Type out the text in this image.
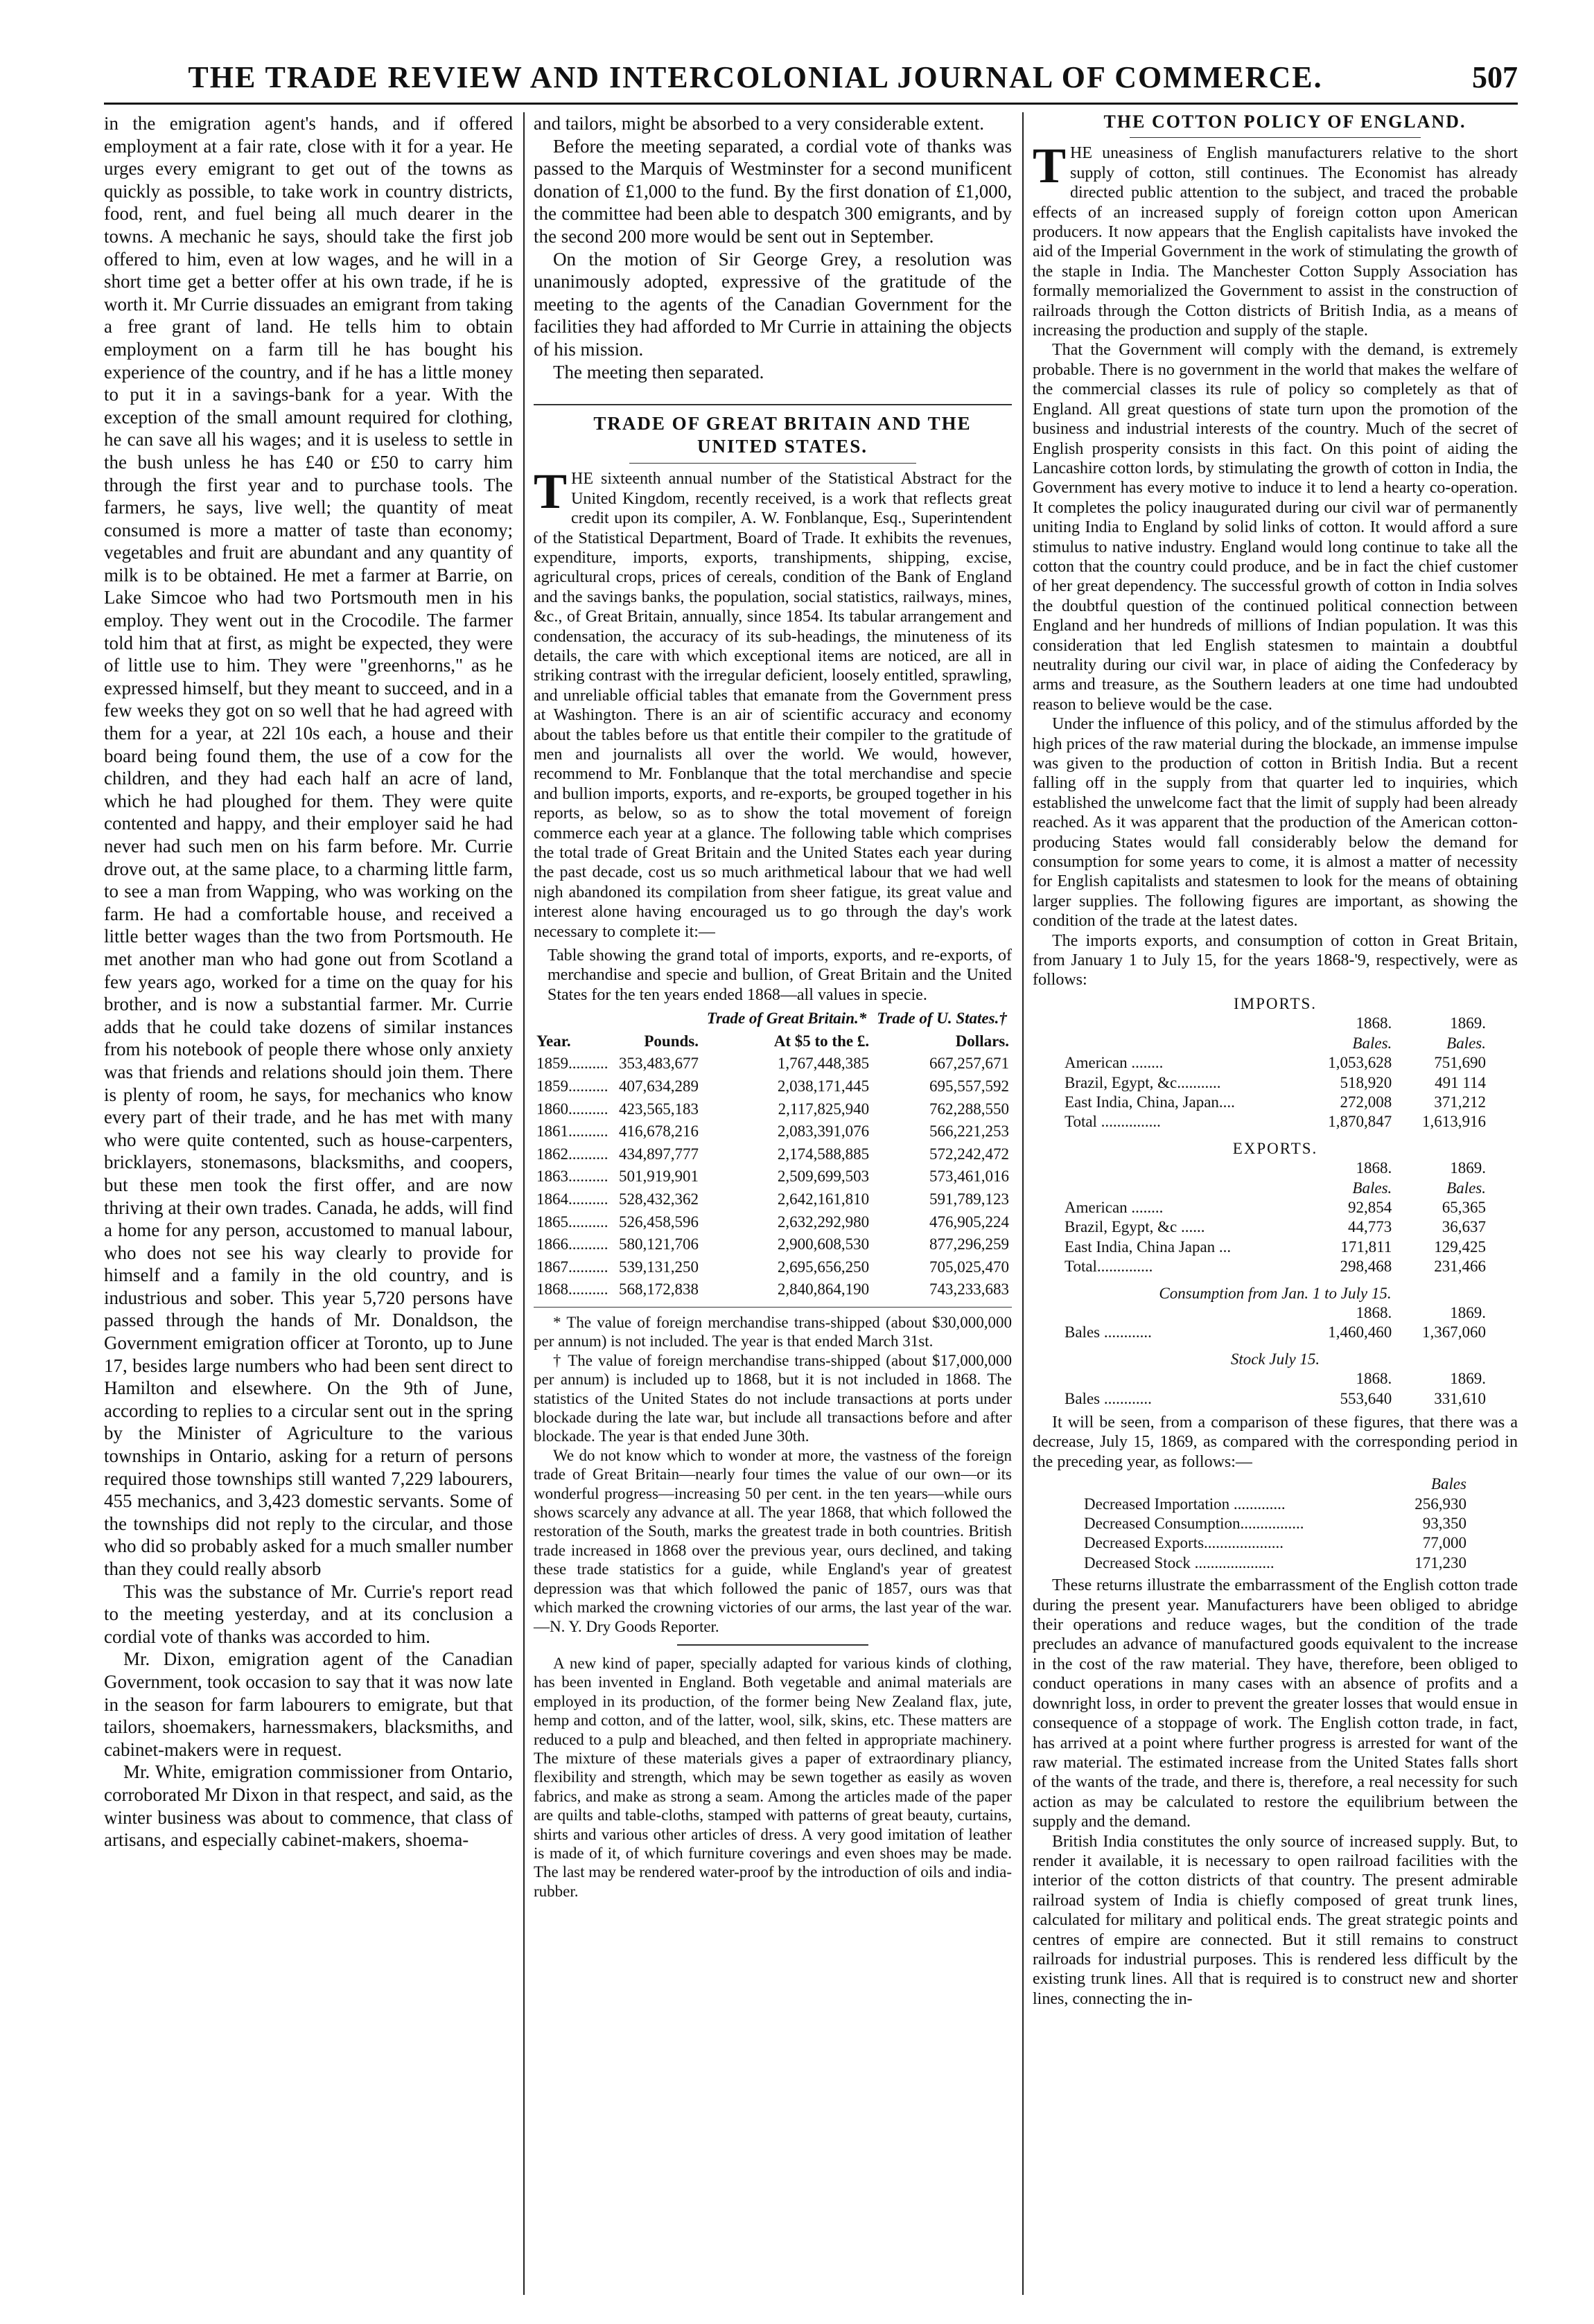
THE TRADE REVIEW AND INTERCOLONIAL JOURNAL OF COMMERCE.	507

in the emigration agent's hands, and if offered employment at a fair rate, close with it for a year. He urges every emigrant to get out of the towns as quickly as possible, to take work in country districts, food, rent, and fuel being all much dearer in the towns. A mechanic he says, should take the first job offered to him, even at low wages, and he will in a short time get a better offer at his own trade, if he is worth it. Mr Currie dissuades an emigrant from taking a free grant of land. He tells him to obtain employment on a farm till he has bought his experience of the country, and if he has a little money to put it in a savings-bank for a year. With the exception of the small amount required for clothing, he can save all his wages; and it is useless to settle in the bush unless he has £40 or £50 to carry him through the first year and to purchase tools. The farmers, he says, live well; the quantity of meat consumed is more a matter of taste than economy; vegetables and fruit are abundant and any quantity of milk is to be obtained. He met a farmer at Barrie, on Lake Simcoe who had two Portsmouth men in his employ. They went out in the Crocodile. The farmer told him that at first, as might be expected, they were of little use to him. They were "greenhorns," as he expressed himself, but they meant to succeed, and in a few weeks they got on so well that he had agreed with them for a year, at 22l 10s each, a house and their board being found them, the use of a cow for the children, and they had each half an acre of land, which he had ploughed for them. They were quite contented and happy, and their employer said he had never had such men on his farm before. Mr. Currie drove out, at the same place, to a charming little farm, to see a man from Wapping, who was working on the farm. He had a comfortable house, and received a little better wages than the two from Portsmouth. He met another man who had gone out from Scotland a few years ago, worked for a time on the quay for his brother, and is now a substantial farmer. Mr. Currie adds that he could take dozens of similar instances from his notebook of people there whose only anxiety was that friends and relations should join them. There is plenty of room, he says, for mechanics who know every part of their trade, and he has met with many who were quite contented, such as house-carpenters, bricklayers, stonemasons, blacksmiths, and coopers, but these men took the first offer, and are now thriving at their own trades. Canada, he adds, will find a home for any person, accustomed to manual labour, who does not see his way clearly to provide for himself and a family in the old country, and is industrious and sober. This year 5,720 persons have passed through the hands of Mr. Donaldson, the Government emigration officer at Toronto, up to June 17, besides large numbers who had been sent direct to Hamilton and elsewhere. On the 9th of June, according to replies to a circular sent out in the spring by the Minister of Agriculture to the various townships in Ontario, asking for a return of persons required those townships still wanted 7,229 labourers, 455 mechanics, and 3,423 domestic servants. Some of the townships did not reply to the circular, and those who did so probably asked for a much smaller number than they could really absorb

This was the substance of Mr. Currie's report read to the meeting yesterday, and at its conclusion a cordial vote of thanks was accorded to him.

Mr. Dixon, emigration agent of the Canadian Government, took occasion to say that it was now late in the season for farm labourers to emigrate, but that tailors, shoemakers, harnessmakers, blacksmiths, and cabinet-makers were in request.

Mr. White, emigration commissioner from Ontario, corroborated Mr Dixon in that respect, and said, as the winter business was about to commence, that class of artisans, and especially cabinet-makers, shoema-

and tailors, might be absorbed to a very considerable extent.

Before the meeting separated, a cordial vote of thanks was passed to the Marquis of Westminster for a second munificent donation of £1,000 to the fund. By the first donation of £1,000, the committee had been able to despatch 300 emigrants, and by the second 200 more would be sent out in September.

On the motion of Sir George Grey, a resolution was unanimously adopted, expressive of the gratitude of the meeting to the agents of the Canadian Government for the facilities they had afforded to Mr Currie in attaining the objects of his mission.

The meeting then separated.

TRADE OF GREAT BRITAIN AND THE

UNITED STATES.

T HE sixteenth annual number of the Statistical Abstract for the United Kingdom, recently received, is a work that reflects great credit upon its compiler, A. W. Fonblanque, Esq., Superintendent of the Statistical Department, Board of Trade. It exhibits the revenues, expenditure, imports, exports, transhipments, shipping, excise, agricultural crops, prices of cereals, condition of the Bank of England and the savings banks, the population, social statistics, railways, mines, &c., of Great Britain, annually, since 1854. Its tabular arrangement and condensation, the accuracy of its sub-headings, the minuteness of its details, the care with which exceptional items are noticed, are all in striking contrast with the irregular deficient, loosely entitled, sprawling, and unreliable official tables that emanate from the Government press at Washington. There is an air of scientific accuracy and economy about the tables before us that entitle their compiler to the gratitude of men and journalists all over the world. We would, however, recommend to Mr. Fonblanque that the total merchandise and specie and bullion imports, exports, and re-exports, be grouped together in his reports, as below, so as to show the total movement of foreign commerce each year at a glance. The following table which comprises the total trade of Great Britain and the United States each year during the past decade, cost us so much arithmetical labour that we had well nigh abandoned its compilation from sheer fatigue, its great value and interest alone having encouraged us to go through the day's work necessary to complete it:—

Table showing the grand total of imports, exports, and re-exports, of merchandise and specie and bullion, of Great Britain and the United States for the ten years ended 1868—all values in specie.

		Trade of Great Britain.*	Trade of U. States.†
Year.	Pounds.	At $5 to the £.	Dollars.
1859..........	353,483,677	1,767,448,385	667,257,671
1859..........	407,634,289	2,038,171,445	695,557,592
1860..........	423,565,183	2,117,825,940	762,288,550
1861..........	416,678,216	2,083,391,076	566,221,253
1862..........	434,897,777	2,174,588,885	572,242,472
1863..........	501,919,901	2,509,699,503	573,461,016
1864..........	528,432,362	2,642,161,810	591,789,123
1865..........	526,458,596	2,632,292,980	476,905,224
1866..........	580,121,706	2,900,608,530	877,296,259
1867..........	539,131,250	2,695,656,250	705,025,470
1868..........	568,172,838	2,840,864,190	743,233,683

* The value of foreign merchandise trans-shipped (about $30,000,000 per annum) is not included. The year is that ended March 31st.

† The value of foreign merchandise trans-shipped (about $17,000,000 per annum) is included up to 1868, but it is not included in 1868. The statistics of the United States do not include transactions at ports under blockade during the late war, but include all transactions before and after blockade. The year is that ended June 30th.

We do not know which to wonder at more, the vastness of the foreign trade of Great Britain—nearly four times the value of our own—or its wonderful progress—increasing 50 per cent. in the ten years—while ours shows scarcely any advance at all. The year 1868, that which followed the restoration of the South, marks the greatest trade in both countries. British trade increased in 1868 over the previous year, ours declined, and taking these trade statistics for a guide, while England's year of greatest depression was that which followed the panic of 1857, ours was that which marked the crowning victories of our arms, the last year of the war.—N. Y. Dry Goods Reporter.

A new kind of paper, specially adapted for various kinds of clothing, has been invented in England. Both vegetable and animal materials are employed in its production, of the former being New Zealand flax, jute, hemp and cotton, and of the latter, wool, silk, skins, etc. These matters are reduced to a pulp and bleached, and then felted in appropriate machinery. The mixture of these materials gives a paper of extraordinary pliancy, flexibility and strength, which may be sewn together as easily as woven fabrics, and make as strong a seam. Among the articles made of the paper are quilts and table-cloths, stamped with patterns of great beauty, curtains, shirts and various other articles of dress. A very good imitation of leather is made of it, of which furniture coverings and even shoes may be made. The last may be rendered water-proof by the introduction of oils and india-rubber.

THE COTTON POLICY OF ENGLAND.

T HE uneasiness of English manufacturers relative to the short supply of cotton, still continues. The Economist has already directed public attention to the subject, and traced the probable effects of an increased supply of foreign cotton upon American producers. It now appears that the English capitalists have invoked the aid of the Imperial Government in the work of stimulating the growth of the staple in India. The Manchester Cotton Supply Association has formally memorialized the Government to assist in the construction of railroads through the Cotton districts of British India, as a means of increasing the production and supply of the staple.

That the Government will comply with the demand, is extremely probable. There is no government in the world that makes the welfare of the commercial classes its rule of policy so completely as that of England. All great questions of state turn upon the promotion of the business and industrial interests of the country. Much of the secret of English prosperity consists in this fact. On this point of aiding the Lancashire cotton lords, by stimulating the growth of cotton in India, the Government has every motive to induce it to lend a hearty co-operation. It completes the policy inaugurated during our civil war of permanently uniting India to England by solid links of cotton. It would afford a sure stimulus to native industry. England would long continue to take all the cotton that the country could produce, and be in fact the chief customer of her great dependency. The successful growth of cotton in India solves the doubtful question of the continued political connection between England and her hundreds of millions of Indian population. It was this consideration that led English statesmen to maintain a doubtful neutrality during our civil war, in place of aiding the Confederacy by arms and treasure, as the Southern leaders at one time had undoubted reason to believe would be the case.

Under the influence of this policy, and of the stimulus afforded by the high prices of the raw material during the blockade, an immense impulse was given to the production of cotton in British India. But a recent falling off in the supply from that quarter led to inquiries, which established the unwelcome fact that the limit of supply had been already reached. As it was apparent that the production of the American cotton-producing States would fall considerably below the demand for consumption for some years to come, it is almost a matter of necessity for English capitalists and statesmen to look for the means of obtaining larger supplies. The following figures are important, as showing the condition of the trade at the latest dates.

The imports exports, and consumption of cotton in Great Britain, from January 1 to July 15, for the years 1868-'9, respectively, were as follows:

IMPORTS.		
	1868.	1869.
	Bales.	Bales.
American ........	1,053,628	751,690
Brazil, Egypt, &c...........	518,920	491 114
East India, China, Japan....	272,008	371,212
Total ...............	1,870,847	1,613,916
EXPORTS.		
	1868.	1869.
	Bales.	Bales.
American ........	92,854	65,365
Brazil, Egypt, &c ......	44,773	36,637
East India, China Japan ...	171,811	129,425
Total..............	298,468	231,466
Consumption from Jan. 1 to July 15.		
	1868.	1869.
Bales ............	1,460,460	1,367,060
Stock July 15.		
	1868.	1869.
Bales ............	553,640	331,610

It will be seen, from a comparison of these figures, that there was a decrease, July 15, 1869, as compared with the corresponding period in the preceding year, as follows:—

	Bales
Decreased Importation .............	256,930
Decreased Consumption................	93,350
Decreased Exports....................	77,000
Decreased Stock ....................	171,230

These returns illustrate the embarrassment of the English cotton trade during the present year. Manufacturers have been obliged to abridge their operations and reduce wages, but the condition of the trade precludes an advance of manufactured goods equivalent to the increase in the cost of the raw material. They have, therefore, been obliged to conduct operations in many cases with an absence of profits and a downright loss, in order to prevent the greater losses that would ensue in consequence of a stoppage of work. The English cotton trade, in fact, has arrived at a point where further progress is arrested for want of the raw material. The estimated increase from the United States falls short of the wants of the trade, and there is, therefore, a real necessity for such action as may be calculated to restore the equilibrium between the supply and the demand.

British India constitutes the only source of increased supply. But, to render it available, it is necessary to open railroad facilities with the interior of the cotton districts of that country. The present admirable railroad system of India is chiefly composed of great trunk lines, calculated for military and political ends. The great strategic points and centres of empire are connected. But it still remains to construct railroads for industrial purposes. This is rendered less difficult by the existing trunk lines. All that is required is to construct new and shorter lines, connecting the in-
